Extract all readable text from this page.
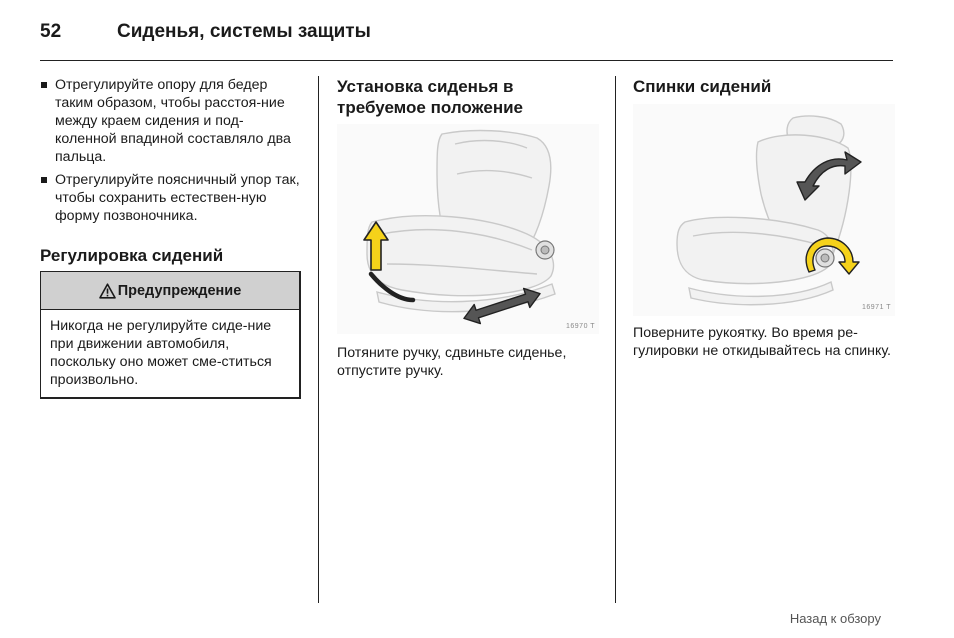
52	Сиденья, системы защиты
Отрегулируйте опору для бедер таким образом, чтобы расстоя-ние между краем сидения и под-коленной впадиной составляло два пальца.
Отрегулируйте поясничный упор так, чтобы сохранить естествен-ную форму позвоночника.
Регулировка сидений
Предупреждение
Никогда не регулируйте сиде-ние при движении автомобиля, поскольку оно может сме-ститься произвольно.
Установка сиденья в требуемое положение
16970 T

Потяните ручку, сдвиньте сиденье, отпустите ручку.

Спинки сидений
16971 T

Поверните рукоятку. Во время ре-гулировки не откидывайтесь на спинку.

Назад к обзору
